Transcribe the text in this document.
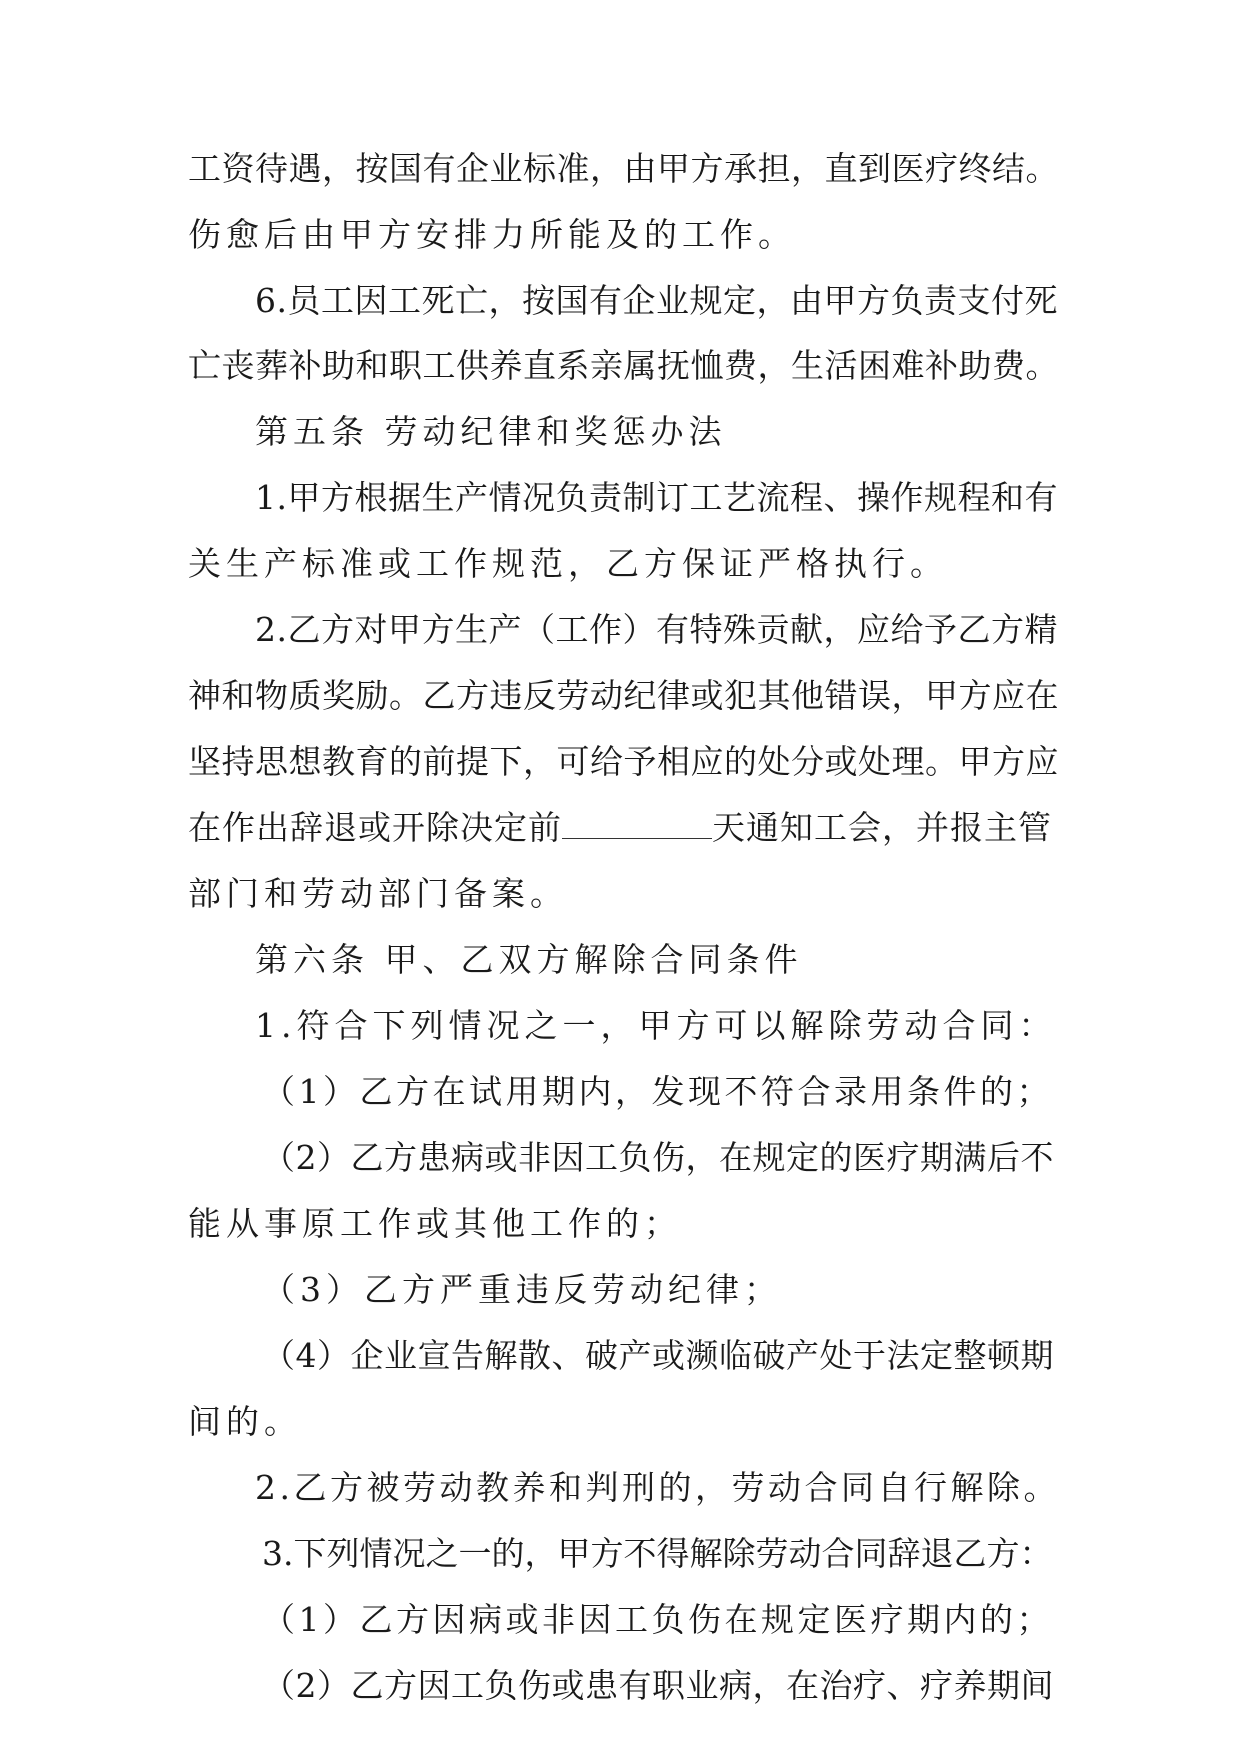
工资待遇，按国有企业标准，由甲方承担，直到医疗终结。
伤愈后由甲方安排力所能及的工作。
6.员工因工死亡，按国有企业规定，由甲方负责支付死
亡丧葬补助和职工供养直系亲属抚恤费，生活困难补助费。
第五条 劳动纪律和奖惩办法
1.甲方根据生产情况负责制订工艺流程、操作规程和有
关生产标准或工作规范，乙方保证严格执行。
2.乙方对甲方生产（工作）有特殊贡献，应给予乙方精
神和物质奖励。乙方违反劳动纪律或犯其他错误，甲方应在
坚持思想教育的前提下，可给予相应的处分或处理。甲方应
在作出辞退或开除决定前	天通知工会，并报主管
部门和劳动部门备案。
第六条 甲、乙双方解除合同条件
1.符合下列情况之一，甲方可以解除劳动合同：
（1）乙方在试用期内，发现不符合录用条件的；
（2）乙方患病或非因工负伤，在规定的医疗期满后不
能从事原工作或其他工作的；
（3）乙方严重违反劳动纪律；
（4）企业宣告解散、破产或濒临破产处于法定整顿期
间的。
2.乙方被劳动教养和判刑的，劳动合同自行解除。
3.下列情况之一的，甲方不得解除劳动合同辞退乙方：
（1）乙方因病或非因工负伤在规定医疗期内的；
（2）乙方因工负伤或患有职业病，在治疗、疗养期间
